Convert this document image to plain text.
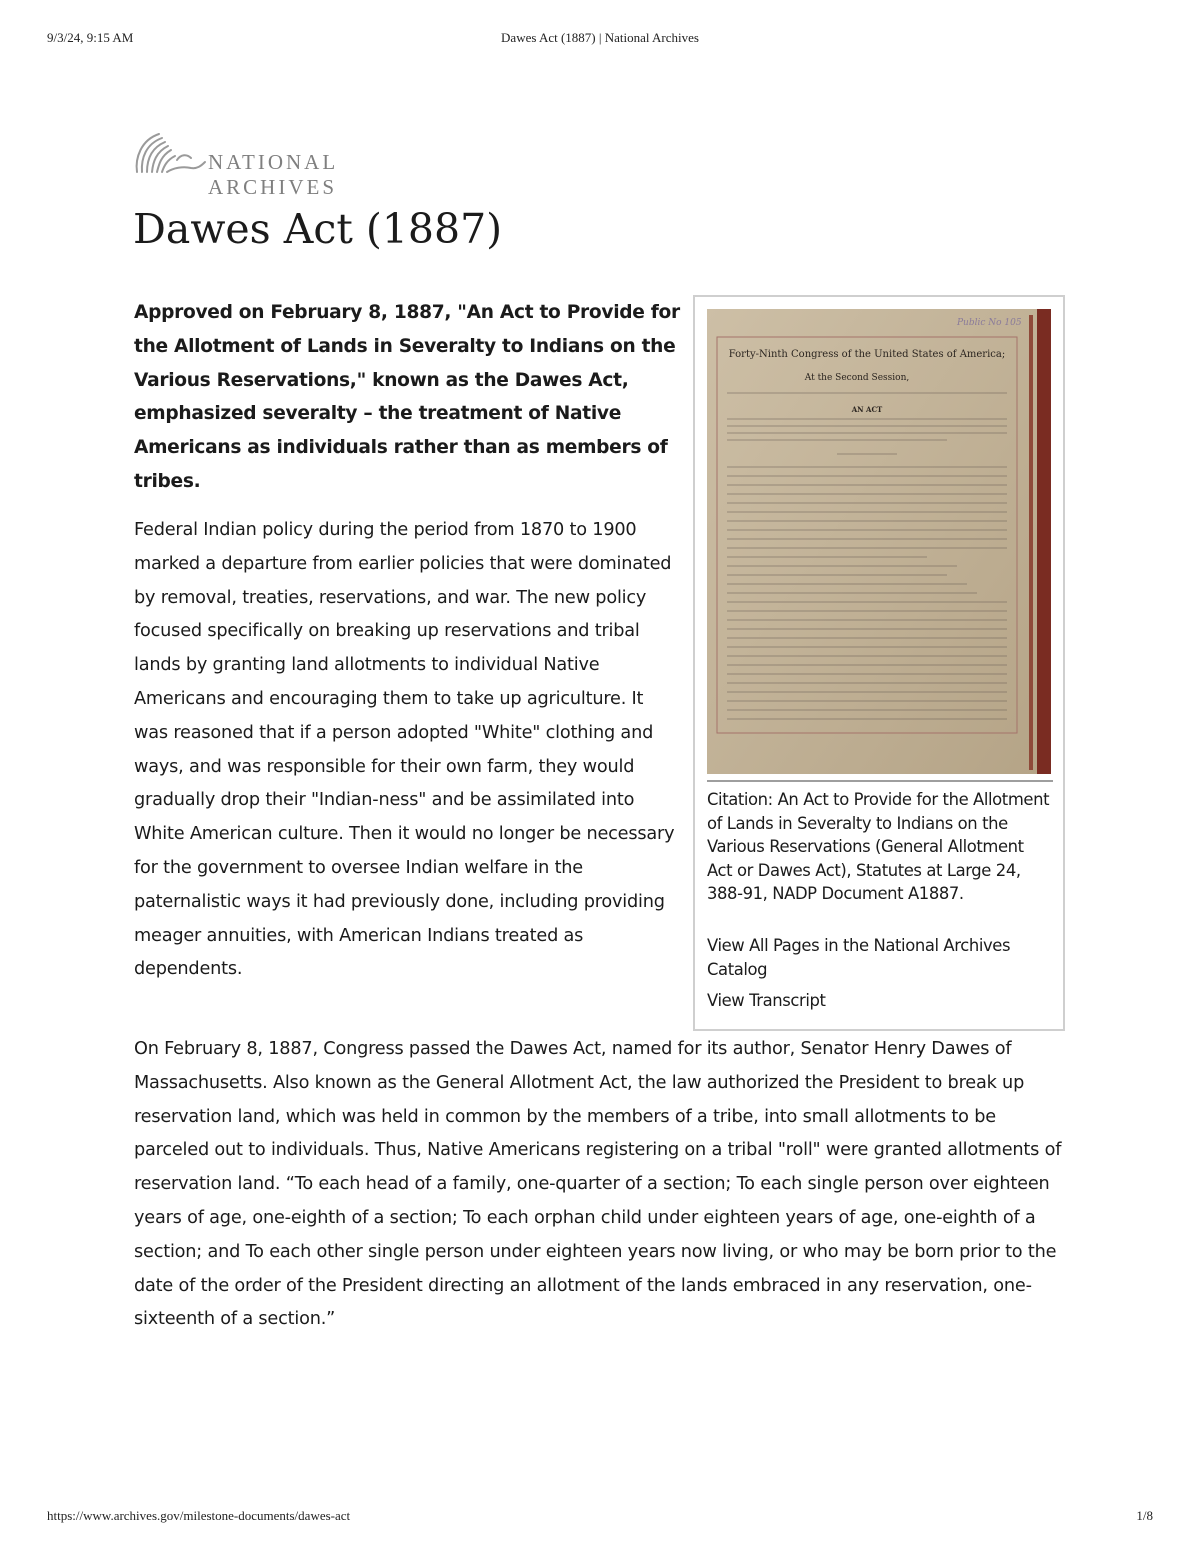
9/3/24, 9:15 AM	Dawes Act (1887) | National Archives
NATIONAL ARCHIVES
Dawes Act (1887)

Approved on February 8, 1887, "An Act to Provide for the Allotment of Lands in Severalty to Indians on the Various Reservations," known as the Dawes Act, emphasized severalty – the treatment of Native Americans as individuals rather than as members of tribes.

Federal Indian policy during the period from 1870 to 1900 marked a departure from earlier policies that were dominated by removal, treaties, reservations, and war. The new policy focused specifically on breaking up reservations and tribal lands by granting land allotments to individual Native Americans and encouraging them to take up agriculture. It was reasoned that if a person adopted "White" clothing and ways, and was responsible for their own farm, they would gradually drop their "Indian-ness" and be assimilated into White American culture. Then it would no longer be necessary for the government to oversee Indian welfare in the paternalistic ways it had previously done, including providing meager annuities, with American Indians treated as dependents.

Forty-Ninth Congress of the United States of America;
At the Second Session,
AN ACT
Public No 105

Citation: An Act to Provide for the Allotment of Lands in Severalty to Indians on the Various Reservations (General Allotment Act or Dawes Act), Statutes at Large 24, 388-91, NADP Document A1887.

View All Pages in the National Archives Catalog
View Transcript

On February 8, 1887, Congress passed the Dawes Act, named for its author, Senator Henry Dawes of Massachusetts. Also known as the General Allotment Act, the law authorized the President to break up reservation land, which was held in common by the members of a tribe, into small allotments to be parceled out to individuals. Thus, Native Americans registering on a tribal "roll" were granted allotments of reservation land. “To each head of a family, one-quarter of a section; To each single person over eighteen years of age, one-eighth of a section; To each orphan child under eighteen years of age, one-eighth of a section; and To each other single person under eighteen years now living, or who may be born prior to the date of the order of the President directing an allotment of the lands embraced in any reservation, one-sixteenth of a section.”

https://www.archives.gov/milestone-documents/dawes-act	1/8
